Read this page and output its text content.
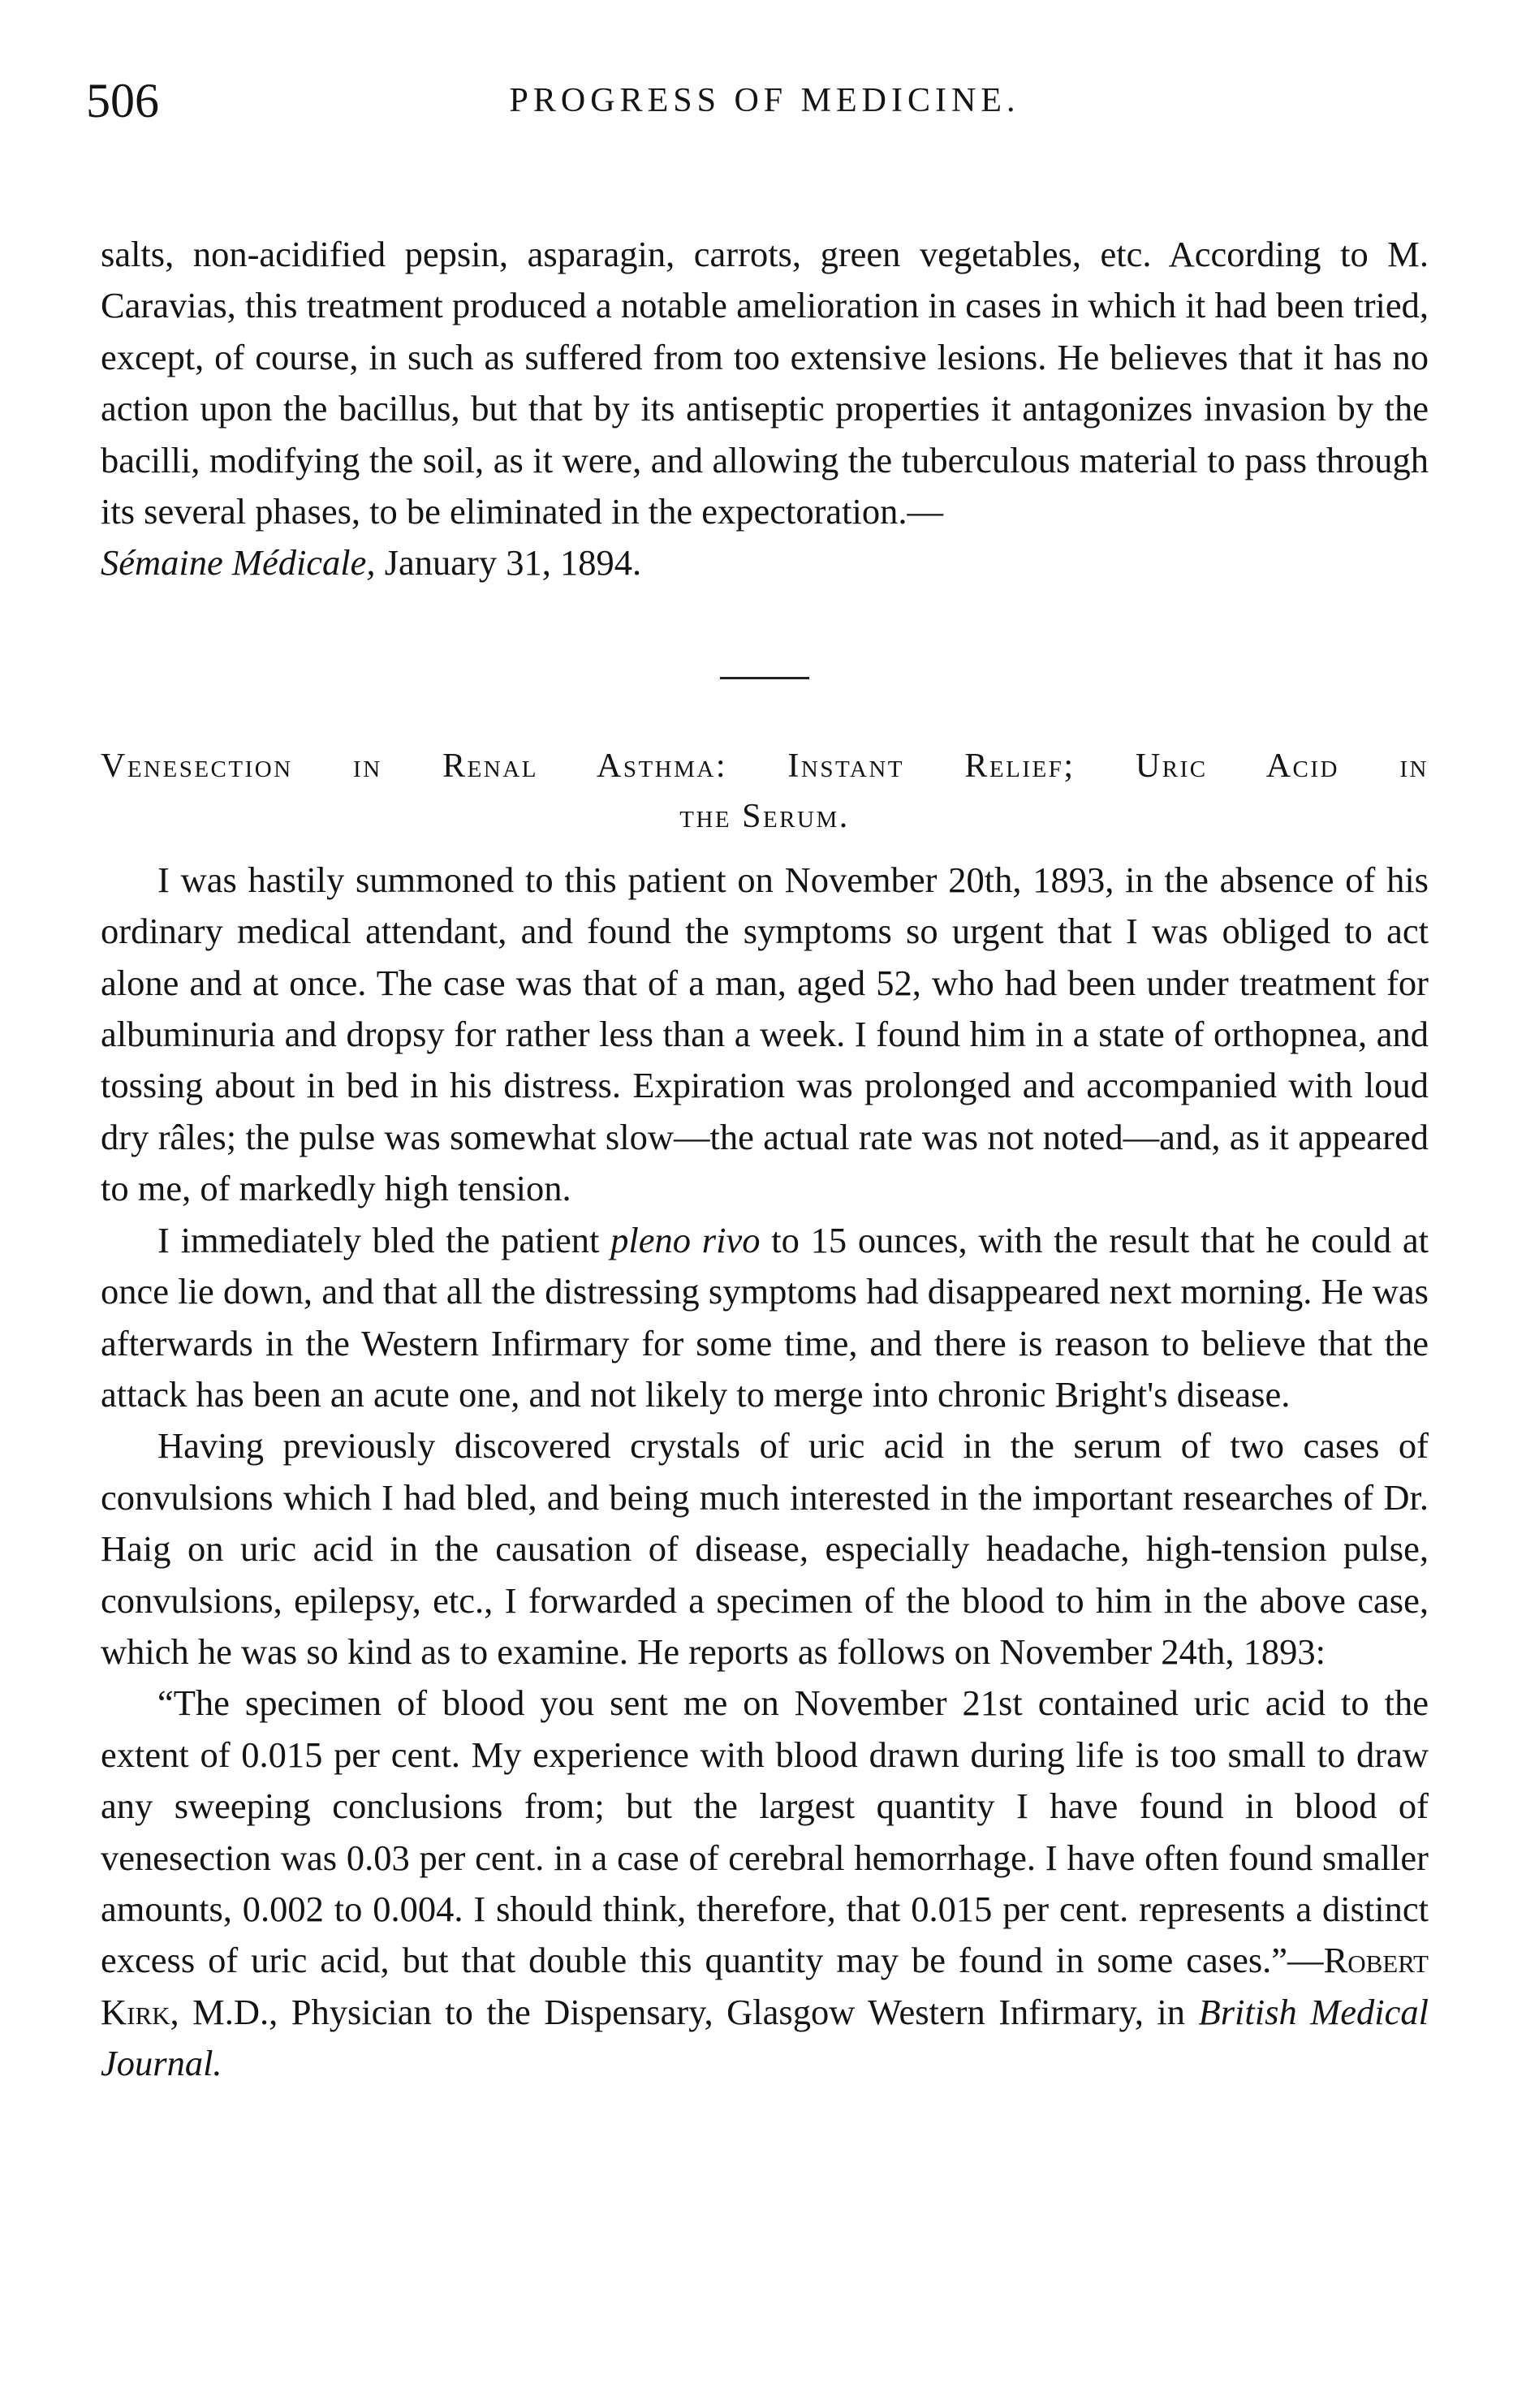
506	PROGRESS OF MEDICINE.

salts, non-acidified pepsin, asparagin, carrots, green vegetables, etc. According to M. Caravias, this treatment produced a notable amelioration in cases in which it had been tried, except, of course, in such as suffered from too extensive lesions. He believes that it has no action upon the bacillus, but that by its antiseptic properties it antagonizes invasion by the bacilli, modifying the soil, as it were, and allowing the tuberculous material to pass through its several phases, to be eliminated in the expectoration.—
Sémaine Médicale, January 31, 1894.

Venesection in Renal Asthma: Instant Relief; Uric Acid in
the Serum.

I was hastily summoned to this patient on November 20th, 1893, in the absence of his ordinary medical attendant, and found the symptoms so urgent that I was obliged to act alone and at once. The case was that of a man, aged 52, who had been under treatment for albuminuria and dropsy for rather less than a week. I found him in a state of orthopnea, and tossing about in bed in his distress. Expiration was prolonged and accompanied with loud dry râles; the pulse was somewhat slow—the actual rate was not noted—and, as it appeared to me, of markedly high tension.

I immediately bled the patient pleno rivo to 15 ounces, with the result that he could at once lie down, and that all the distressing symptoms had disappeared next morning. He was afterwards in the Western Infirmary for some time, and there is reason to believe that the attack has been an acute one, and not likely to merge into chronic Bright's disease.

Having previously discovered crystals of uric acid in the serum of two cases of convulsions which I had bled, and being much interested in the important researches of Dr. Haig on uric acid in the causation of disease, especially headache, high-tension pulse, convulsions, epilepsy, etc., I forwarded a specimen of the blood to him in the above case, which he was so kind as to examine. He reports as follows on November 24th, 1893:

“The specimen of blood you sent me on November 21st contained uric acid to the extent of 0.015 per cent. My experience with blood drawn during life is too small to draw any sweeping conclusions from; but the largest quantity I have found in blood of venesection was 0.03 per cent. in a case of cerebral hemorrhage. I have often found smaller amounts, 0.002 to 0.004. I should think, therefore, that 0.015 per cent. represents a distinct excess of uric acid, but that double this quantity may be found in some cases.”—Robert Kirk, M.D., Physician to the Dispensary, Glasgow Western Infirmary, in British Medical Journal.
